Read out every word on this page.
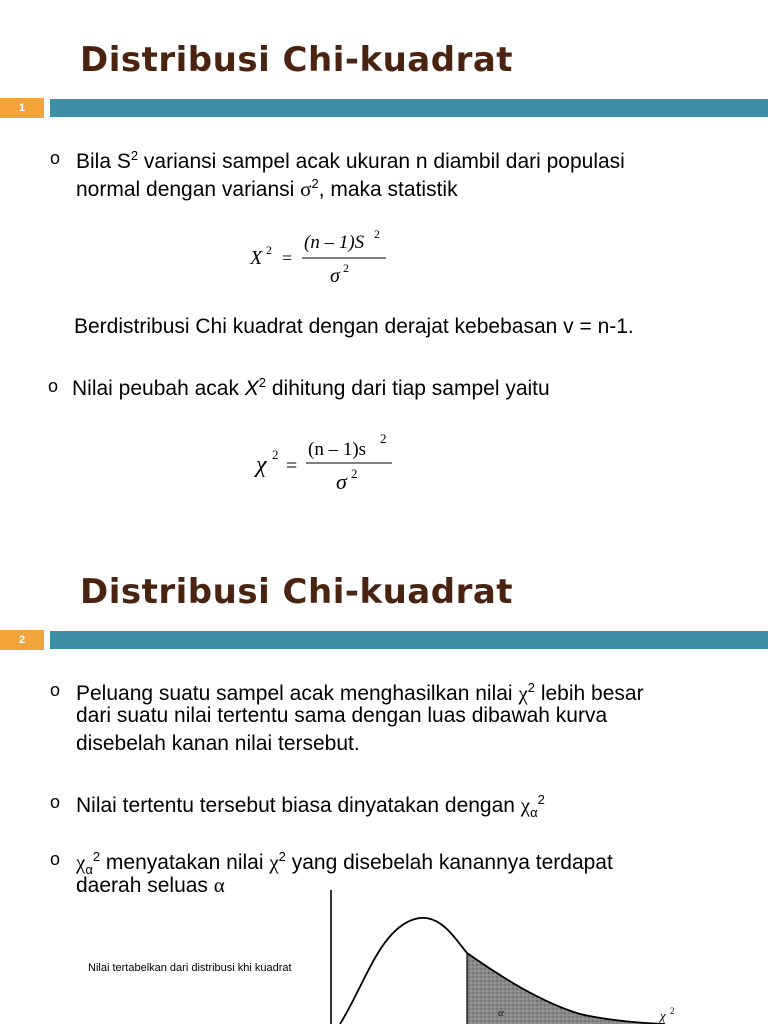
Distribusi Chi-kuadrat
1
o Bila $S^2$ variansi sampel acak ukuran n diambil dari populasi
normal dengan variansi $\sigma^2$, maka statistik
X 2 =
(n – 1)S 2
σ 2
Berdistribusi Chi kuadrat dengan derajat kebebasan v = n-1.
o Nilai peubah acak $X^2$ dihitung dari tiap sampel yaitu
χ 2
=
(n – 1)s
2
σ 2
Distribusi Chi-kuadrat
2
o Peluang suatu sampel acak menghasilkan nilai $\chi^2$ lebih besar
dari suatu nilai tertentu sama dengan luas dibawah kurva
disebelah kanan nilai tersebut.
o Nilai tertentu tersebut biasa dinyatakan dengan $\chi_\alpha^2$
o $\chi_\alpha^2$ menyatakan nilai $\chi^2$ yang disebelah kanannya terdapat
daerah seluas α
Nilai tertabelkan dari distribusi khi kuadrat
α	χ 2
